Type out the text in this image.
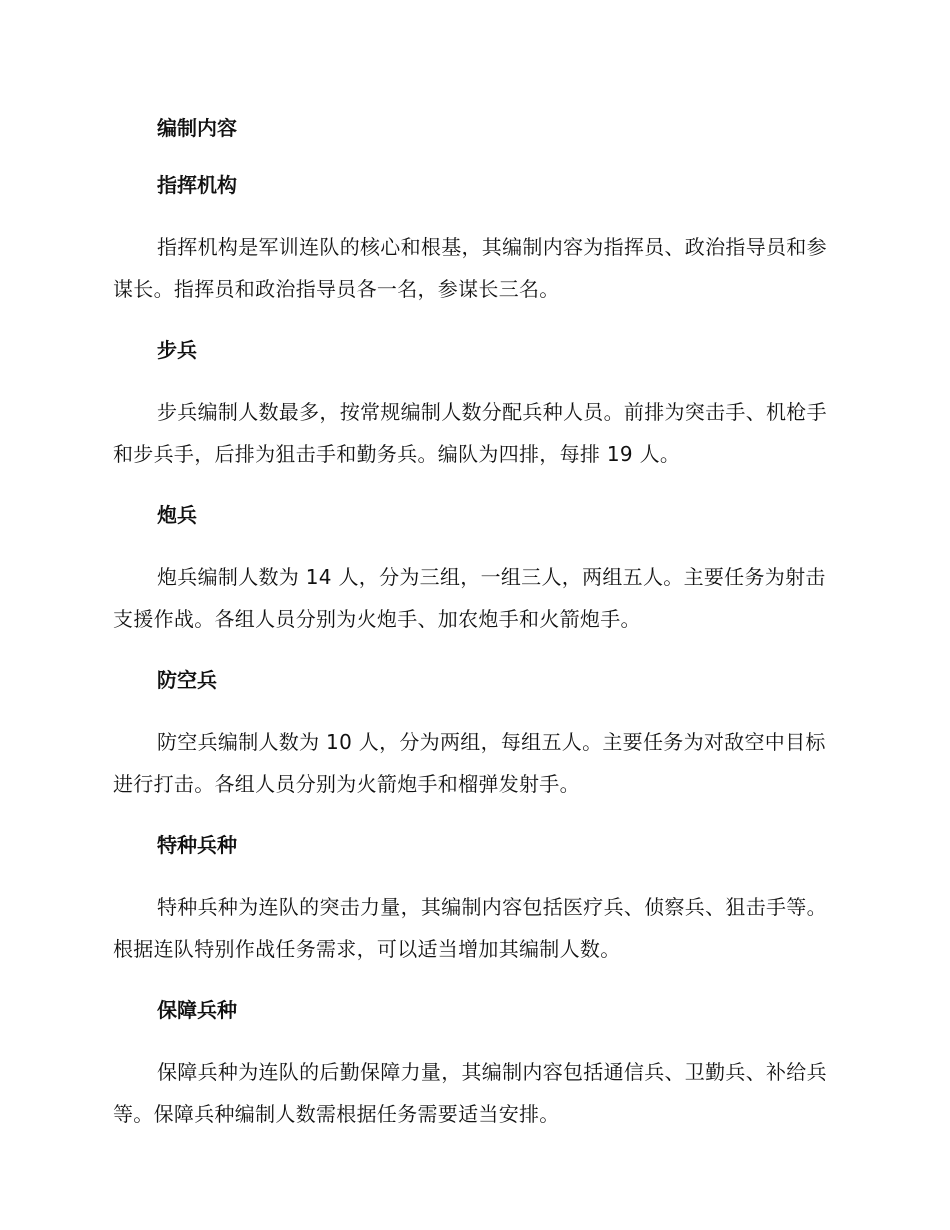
编制内容
指挥机构

指挥机构是军训连队的核心和根基，其编制内容为指挥员、政治指导员和参谋长。指挥员和政治指导员各一名，参谋长三名。

步兵

步兵编制人数最多，按常规编制人数分配兵种人员。前排为突击手、机枪手和步兵手，后排为狙击手和勤务兵。编队为四排，每排 19 人。

炮兵

炮兵编制人数为 14 人，分为三组，一组三人，两组五人。主要任务为射击支援作战。各组人员分别为火炮手、加农炮手和火箭炮手。

防空兵

防空兵编制人数为 10 人，分为两组，每组五人。主要任务为对敌空中目标进行打击。各组人员分别为火箭炮手和榴弹发射手。

特种兵种

特种兵种为连队的突击力量，其编制内容包括医疗兵、侦察兵、狙击手等。根据连队特别作战任务需求，可以适当增加其编制人数。

保障兵种

保障兵种为连队的后勤保障力量，其编制内容包括通信兵、卫勤兵、补给兵等。保障兵种编制人数需根据任务需要适当安排。
